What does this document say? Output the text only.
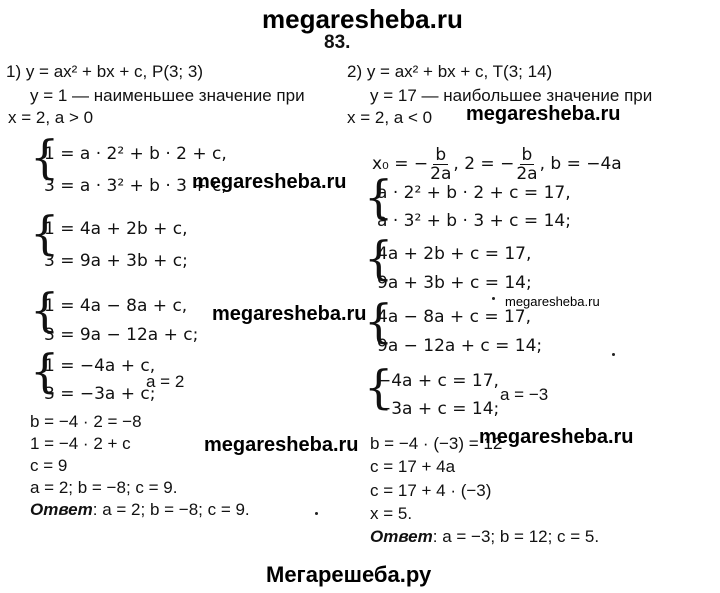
megaresheba.ru
83.
1) y = ax² + bx + c, P(3; 3)
y = 1 — наименьшее значение при
x = 2, a > 0
{
1 = a · 2² + b · 2 + c,
3 = a · 3² + b · 3 + c;
{
1 = 4a + 2b + c,
3 = 9a + 3b + c;
{
1 = 4a − 8a + c,
3 = 9a − 12a + c;
{
1 = −4a + c,
3 = −3a + c;
a = 2
b = −4 · 2 = −8
1 = −4 · 2 + c
c = 9
a = 2; b = −8; c = 9.
Ответ: a = 2; b = −8; c = 9.
2) y = ax² + bx + c, T(3; 14)
y = 17 — наибольшее значение при
x = 2, a < 0
x₀ = − $\frac{b}{2a}$ , 2 = − $\frac{b}{2a}$ , b = −4a
{
a · 2² + b · 2 + c = 17,
a · 3² + b · 3 + c = 14;
{
4a + 2b + c = 17,
9a + 3b + c = 14;
{
4a − 8a + c = 17,
9a − 12a + c = 14;
{
−4a + c = 17,
−3a + c = 14;
a = −3
b = −4 · (−3) = 12
c = 17 + 4a
c = 17 + 4 · (−3)
x = 5.
Ответ: a = −3; b = 12; c = 5.
megaresheba.ru
megaresheba.ru
megaresheba.ru
megaresheba.ru
megaresheba.ru	megaresheba.ru
Мегарешеба.ру
